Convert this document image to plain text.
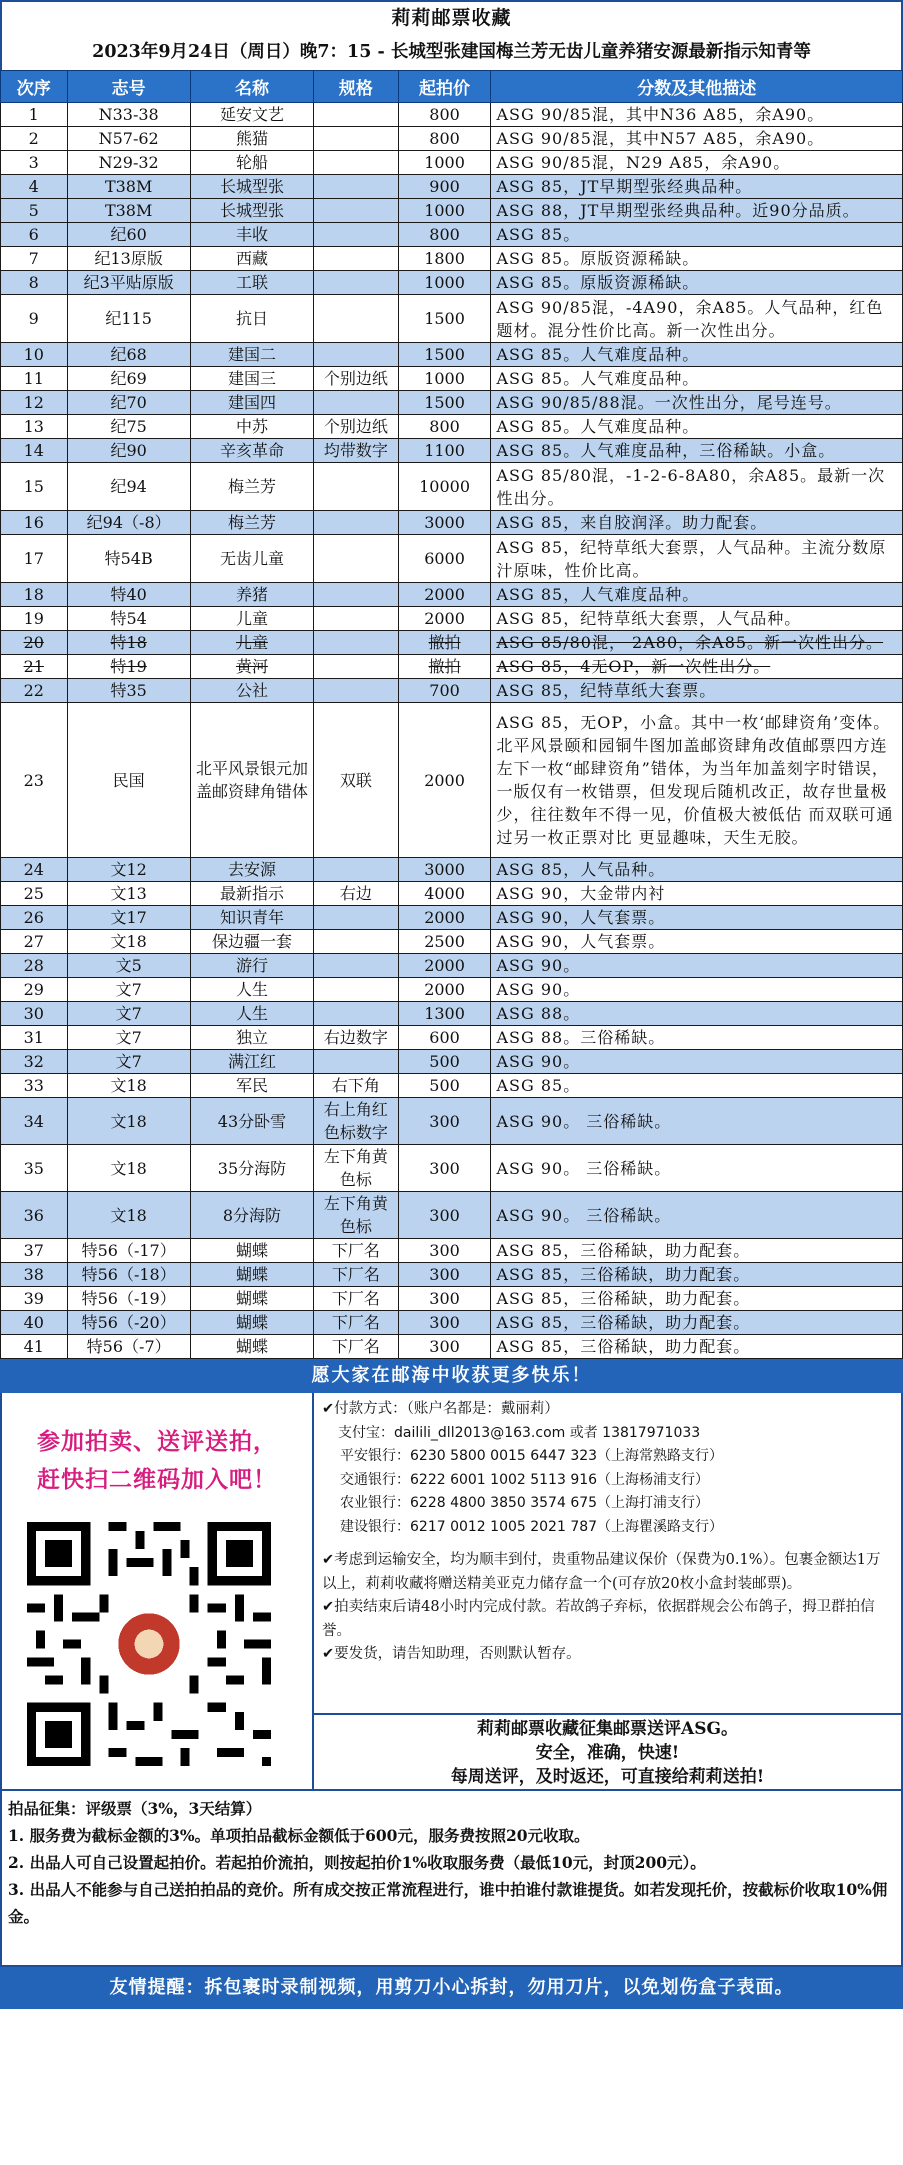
莉莉邮票收藏
2023年9月24日（周日）晚7：15 - 长城型张建国梅兰芳无齿儿童养猪安源最新指示知青等
次序	志号	名称	规格	起拍价	分数及其他描述
1	N33-38	延安文艺		800	ASG 90/85混，其中N36 A85，余A90。
2	N57-62	熊猫		800	ASG 90/85混，其中N57 A85，余A90。
3	N29-32	轮船		1000	ASG 90/85混，N29 A85，余A90。
4	T38M	长城型张		900	ASG 85，JT早期型张经典品种。
5	T38M	长城型张		1000	ASG 88，JT早期型张经典品种。近90分品质。
6	纪60	丰收		800	ASG 85。
7	纪13原版	西藏		1800	ASG 85。原版资源稀缺。
8	纪3平贴原版	工联		1000	ASG 85。原版资源稀缺。
9	纪115	抗日		1500	ASG 90/85混，-4A90，余A85。人气品种，红色题材。混分性价比高。新一次性出分。
10	纪68	建国二		1500	ASG 85。人气难度品种。
11	纪69	建国三	个别边纸	1000	ASG 85。人气难度品种。
12	纪70	建国四		1500	ASG 90/85/88混。一次性出分，尾号连号。
13	纪75	中苏	个别边纸	800	ASG 85。人气难度品种。
14	纪90	辛亥革命	均带数字	1100	ASG 85。人气难度品种，三俗稀缺。小盒。
15	纪94	梅兰芳		10000	ASG 85/80混，-1-2-6-8A80，余A85。最新一次性出分。
16	纪94（-8）	梅兰芳		3000	ASG 85，来自胶润泽。助力配套。
17	特54B	无齿儿童		6000	ASG 85，纪特草纸大套票，人气品种。主流分数原汁原味，性价比高。
18	特40	养猪		2000	ASG 85，人气难度品种。
19	特54	儿童		2000	ASG 85，纪特草纸大套票，人气品种。
20	特18	儿童		撤拍	ASG 85/80混， 2A80，余A85。新一次性出分。
21	特19	黄河		撤拍	ASG 85，4无OP，新一次性出分。
22	特35	公社		700	ASG 85，纪特草纸大套票。
23	民国	北平风景银元加盖邮资肆角错体	双联	2000	ASG 85，无OP，小盒。其中一枚‘邮肆资角’变体。北平风景颐和园铜牛图加盖邮资肆角改值邮票四方连左下一枚“邮肆资角”错体，为当年加盖刻字时错误，一版仅有一枚错票，但发现后随机改正，故存世量极少，往往数年不得一见，价值极大被低估 而双联可通过另一枚正票对比 更显趣味，天生无胶。
24	文12	去安源		3000	ASG 85，人气品种。
25	文13	最新指示	右边	4000	ASG 90，大金带内衬
26	文17	知识青年		2000	ASG 90，人气套票。
27	文18	保边疆一套		2500	ASG 90，人气套票。
28	文5	游行		2000	ASG 90。
29	文7	人生		2000	ASG 90。
30	文7	人生		1300	ASG 88。
31	文7	独立	右边数字	600	ASG 88。三俗稀缺。
32	文7	满江红		500	ASG 90。
33	文18	军民	右下角	500	ASG 85。
34	文18	43分卧雪	右上角红色标数字	300	ASG 90。 三俗稀缺。
35	文18	35分海防	左下角黄色标	300	ASG 90。 三俗稀缺。
36	文18	8分海防	左下角黄色标	300	ASG 90。 三俗稀缺。
37	特56（-17）	蝴蝶	下厂名	300	ASG 85，三俗稀缺，助力配套。
38	特56（-18）	蝴蝶	下厂名	300	ASG 85，三俗稀缺，助力配套。
39	特56（-19）	蝴蝶	下厂名	300	ASG 85，三俗稀缺，助力配套。
40	特56（-20）	蝴蝶	下厂名	300	ASG 85，三俗稀缺，助力配套。
41	特56（-7）	蝴蝶	下厂名	300	ASG 85，三俗稀缺，助力配套。
愿大家在邮海中收获更多快乐！
参加拍卖、送评送拍，
赶快扫二维码加入吧！
✔付款方式：（账户名都是：戴丽莉）
支付宝：dailili_dll2013@163.com 或者 13817971033
平安银行：6230 5800 0015 6447 323（上海常熟路支行）
交通银行：6222 6001 1002 5113 916（上海杨浦支行）
农业银行：6228 4800 3850 3574 675（上海打浦支行）
建设银行：6217 0012 1005 2021 787（上海瞿溪路支行）
✔考虑到运输安全，均为顺丰到付，贵重物品建议保价（保费为0.1%）。包裹金额达1万以上，莉莉收藏将赠送精美亚克力储存盒一个(可存放20枚小盒封装邮票)。
✔拍卖结束后请48小时内完成付款。若故鸽子弃标，依据群规会公布鸽子，拇卫群拍信誉。
✔要发货，请告知助理，否则默认暂存。
莉莉邮票收藏征集邮票送评ASG。
安全，准确，快速!
每周送评，及时返还，可直接给莉莉送拍!
拍品征集：评级票（3%，3天结算）
1. 服务费为截标金额的3%。单项拍品截标金额低于600元，服务费按照20元收取。
2. 出品人可自己设置起拍价。若起拍价流拍，则按起拍价1%收取服务费（最低10元，封顶200元）。
3. 出品人不能参与自己送拍拍品的竞价。所有成交按正常流程进行，谁中拍谁付款谁提货。如若发现托价，按截标价收取10%佣金。
友情提醒：拆包裹时录制视频，用剪刀小心拆封，勿用刀片，以免划伤盒子表面。
